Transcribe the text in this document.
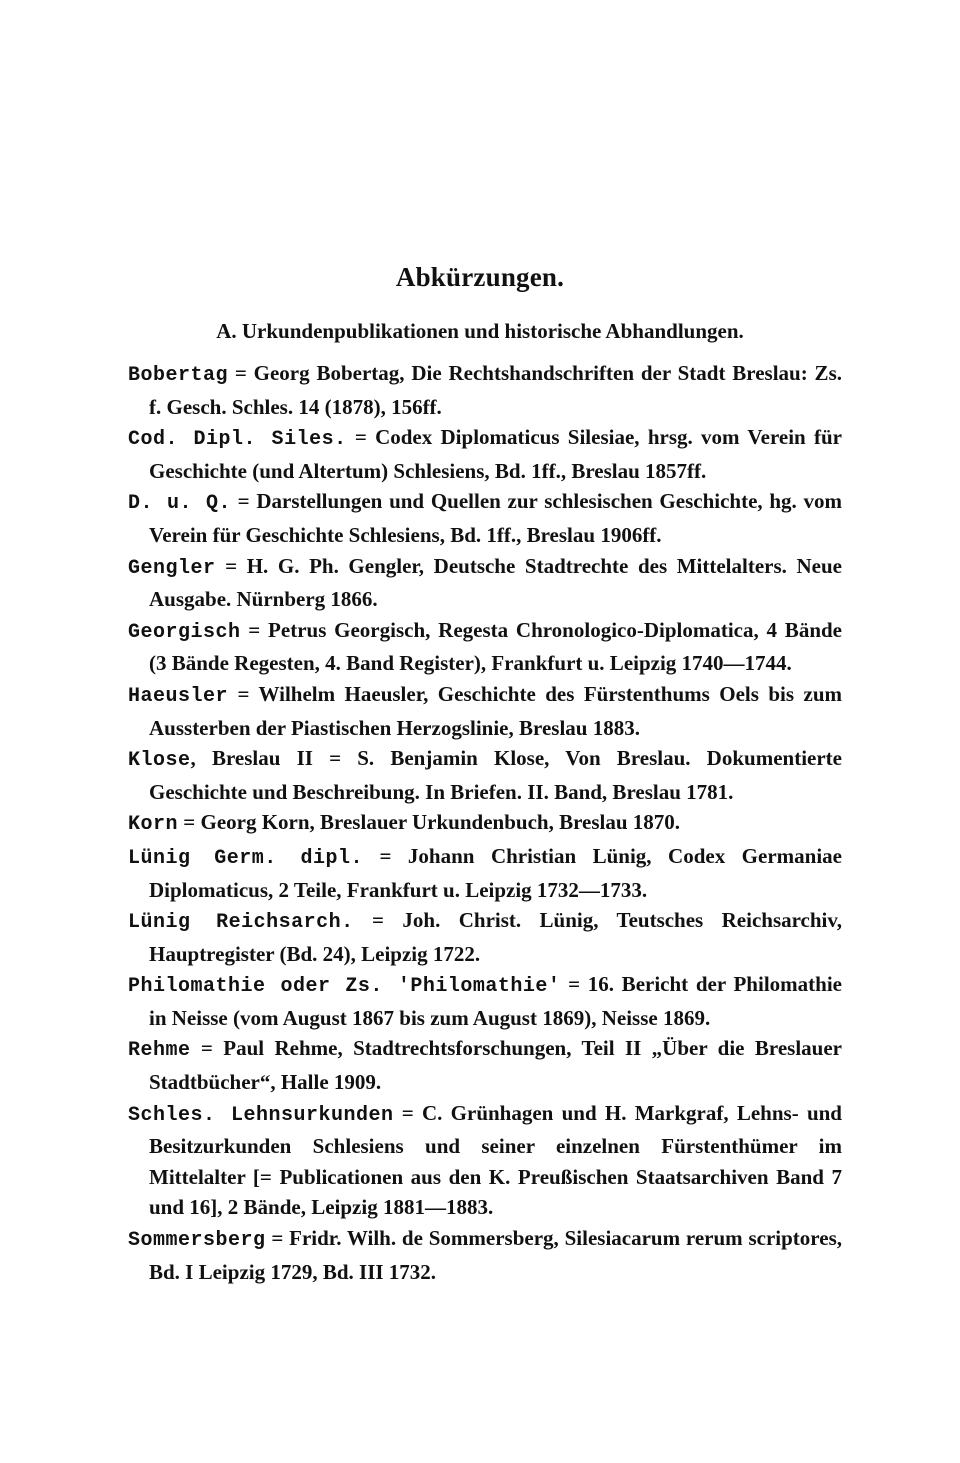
Abkürzungen.
A. Urkundenpublikationen und historische Abhandlungen.
Bobertag = Georg Bobertag, Die Rechtshandschriften der Stadt Breslau: Zs. f. Gesch. Schles. 14 (1878), 156ff.
Cod. Dipl. Siles. = Codex Diplomaticus Silesiae, hrsg. vom Verein für Geschichte (und Altertum) Schlesiens, Bd. 1ff., Breslau 1857ff.
D. u. Q. = Darstellungen und Quellen zur schlesischen Geschichte, hg. vom Verein für Geschichte Schlesiens, Bd. 1ff., Breslau 1906ff.
Gengler = H. G. Ph. Gengler, Deutsche Stadtrechte des Mittelalters. Neue Ausgabe. Nürnberg 1866.
Georgisch = Petrus Georgisch, Regesta Chronologico-Diplomatica, 4 Bände (3 Bände Regesten, 4. Band Register), Frankfurt u. Leipzig 1740—1744.
Haeusler = Wilhelm Haeusler, Geschichte des Fürstenthums Oels bis zum Aussterben der Piastischen Herzogslinie, Breslau 1883.
Klose, Breslau II = S. Benjamin Klose, Von Breslau. Dokumentierte Geschichte und Beschreibung. In Briefen. II. Band, Breslau 1781.
Korn = Georg Korn, Breslauer Urkundenbuch, Breslau 1870.
Lünig Germ. dipl. = Johann Christian Lünig, Codex Germaniae Diplomaticus, 2 Teile, Frankfurt u. Leipzig 1732—1733.
Lünig Reichsarch. = Joh. Christ. Lünig, Teutsches Reichsarchiv, Hauptregister (Bd. 24), Leipzig 1722.
Philomathie oder Zs. 'Philomathie' = 16. Bericht der Philomathie in Neisse (vom August 1867 bis zum August 1869), Neisse 1869.
Rehme = Paul Rehme, Stadtrechtsforschungen, Teil II „Über die Breslauer Stadtbücher“, Halle 1909.
Schles. Lehnsurkunden = C. Grünhagen und H. Markgraf, Lehns- und Besitzurkunden Schlesiens und seiner einzelnen Fürstenthümer im Mittelalter [= Publicationen aus den K. Preußischen Staatsarchiven Band 7 und 16], 2 Bände, Leipzig 1881—1883.
Sommersberg = Fridr. Wilh. de Sommersberg, Silesiacarum rerum scriptores, Bd. I Leipzig 1729, Bd. III 1732.
